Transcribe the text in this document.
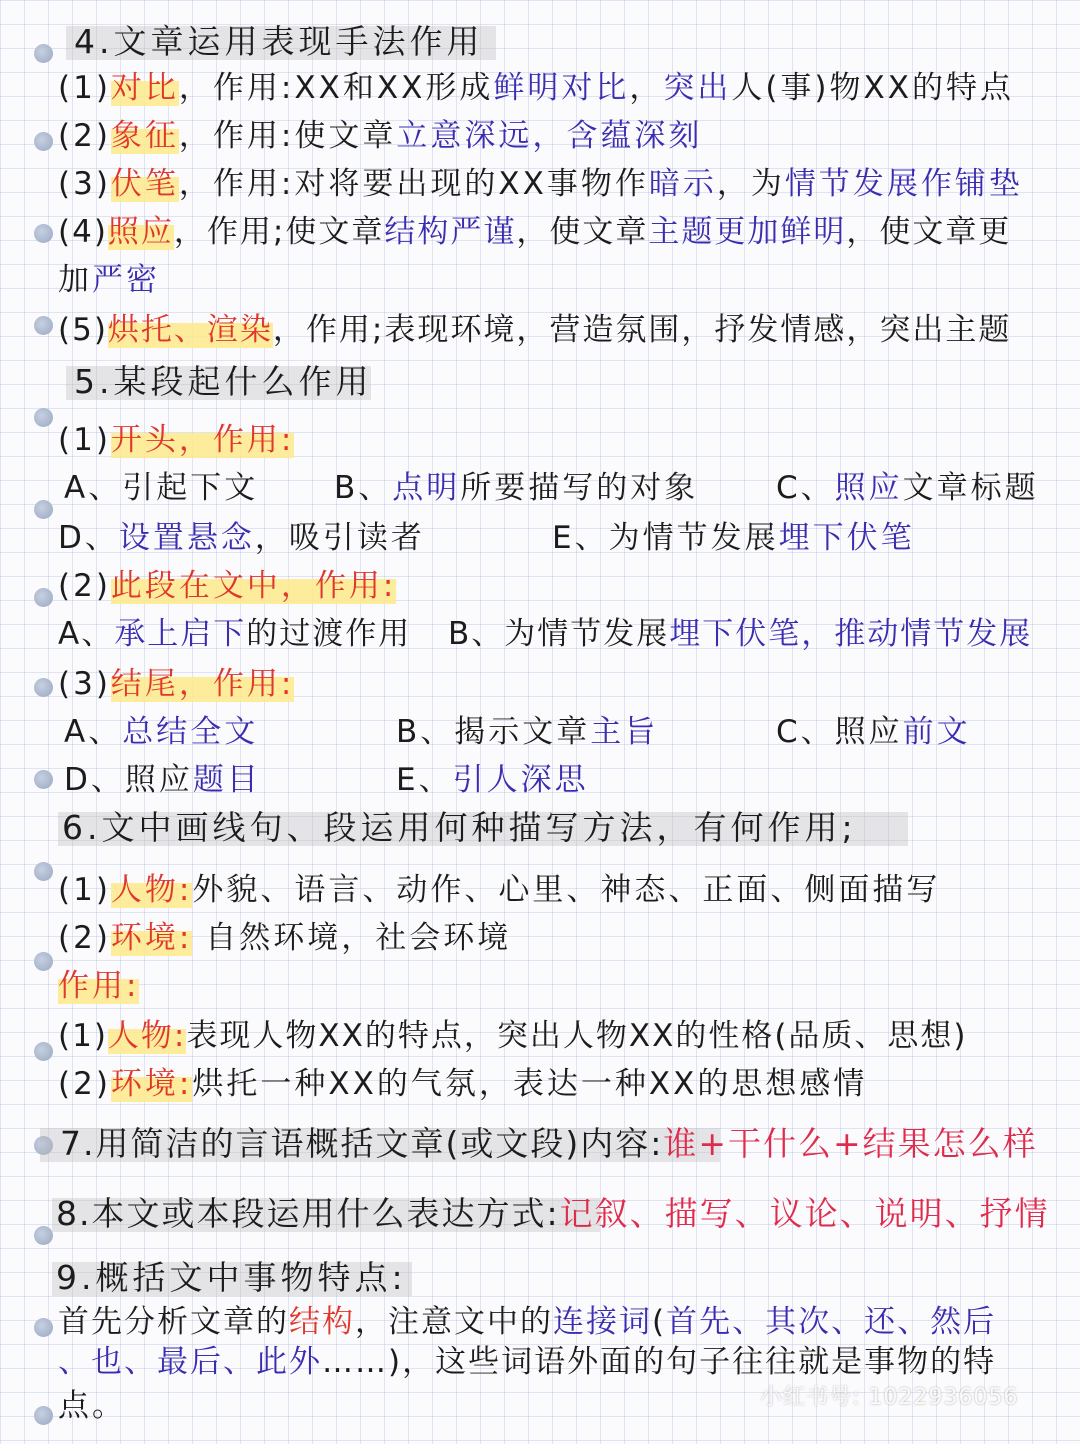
4.文章运用表现手法作用
(1)对比，作用:XX和XX形成鲜明对比，突出人(事)物XX的特点
(2)象征，作用:使文章立意深远，含蕴深刻
(3)伏笔，作用:对将要出现的XX事物作暗示，为情节发展作铺垫
(4)照应，作用;使文章结构严谨，使文章主题更加鲜明，使文章更
加严密
(5)烘托、渲染，作用;表现环境，营造氛围，抒发情感，突出主题
5.某段起什么作用
(1)开头，作用:
A、引起下文 B、点明所要描写的对象	C、照应文章标题
D、设置悬念，吸引读者	E、为情节发展埋下伏笔
(2)此段在文中，作用:
A、承上启下的过渡作用 B、为情节发展埋下伏笔，推动情节发展
(3)结尾，作用:
A、总结全文	B、揭示文章主旨	C、照应前文
D、照应题目	E、引人深思
6.文中画线句、段运用何种描写方法，有何作用;
(1)人物:外貌、语言、动作、心里、神态、正面、侧面描写
(2)环境: 自然环境，社会环境
作用:
(1)人物:表现人物XX的特点，突出人物XX的性格(品质、思想)
(2)环境:烘托一种XX的气氛，表达一种XX的思想感情
7.用简洁的言语概括文章(或文段)内容:谁+干什么+结果怎么样
8.本文或本段运用什么表达方式:记叙、描写、议论、说明、抒情
9.概括文中事物特点:
首先分析文章的结构，注意文中的连接词(首先、其次、还、然后
、也、最后、此外……)，这些词语外面的句子往往就是事物的特
点。	小红书号: 1022936056
